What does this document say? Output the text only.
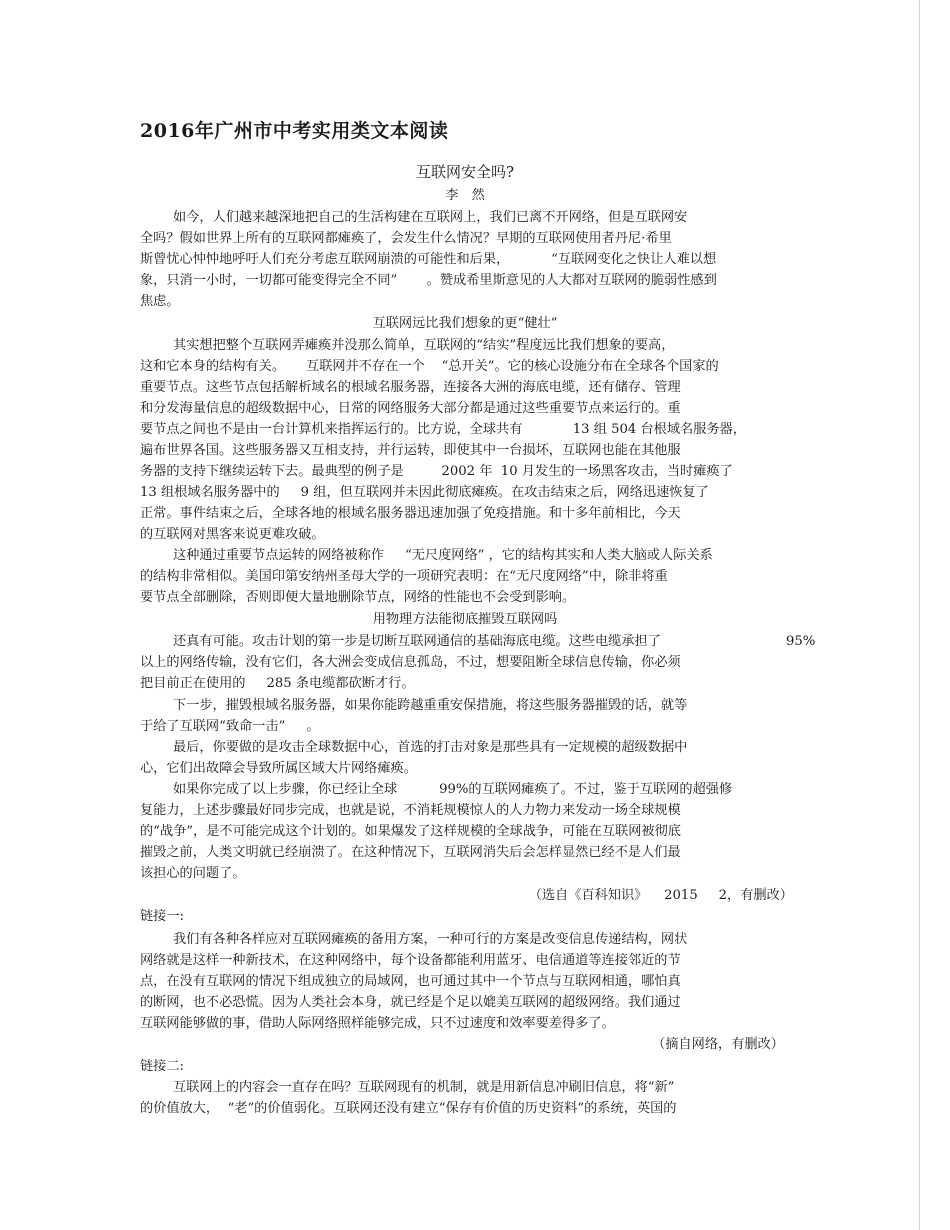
2016年广州市中考实用类文本阅读
互联网安全吗?
李　然
如今，人们越来越深地把自己的生活构建在互联网上，我们已离不开网络，但是互联网安
全吗？假如世界上所有的互联网都瘫痪了，会发生什么情况？早期的互联网使用者丹尼·希里
斯曾忧心忡忡地呼吁人们充分考虑互联网崩溃的可能性和后果，          “互联网变化之快让人难以想
象，只消一小时，一切都可能变得完全不同”       。赞成希里斯意见的人大都对互联网的脆弱性感到
焦虑。
互联网远比我们想象的更“健壮”
其实想把整个互联网弄瘫痪并没那么简单，互联网的“结实”程度远比我们想象的要高，
这和它本身的结构有关。     互联网并不存在一个    “总开关”。它的核心设施分布在全球各个国家的
重要节点。这些节点包括解析域名的根域名服务器，连接各大洲的海底电缆，还有储存、管理
和分发海量信息的超级数据中心，日常的网络服务大部分都是通过这些重要节点来运行的。重
要节点之间也不是由一台计算机来指挥运行的。比方说，全球共有            13 组 504 台根域名服务器，
遍布世界各国。这些服务器又互相支持，并行运转，即使其中一台损坏，互联网也能在其他服
务器的支持下继续运转下去。最典型的例子是         2002 年  10 月发生的一场黑客攻击，当时瘫痪了
13 组根域名服务器中的     9 组，但互联网并未因此彻底瘫痪。在攻击结束之后，网络迅速恢复了
正常。事件结束之后，全球各地的根域名服务器迅速加强了免疫措施。和十多年前相比，今天
的互联网对黑客来说更难攻破。
这种通过重要节点运转的网络被称作     “无尺度网络” ，它的结构其实和人类大脑或人际关系
的结构非常相似。美国印第安纳州圣母大学的一项研究表明：在“无尺度网络”中，除非将重
要节点全部删除，否则即便大量地删除节点，网络的性能也不会受到影响。
用物理方法能彻底摧毁互联网吗
还真有可能。攻击计划的第一步是切断互联网通信的基础海底电缆。这些电缆承担了	95%
以上的网络传输，没有它们，各大洲会变成信息孤岛，不过，想要阻断全球信息传输，你必须
把目前正在使用的     285 条电缆都砍断才行。
下一步，摧毁根域名服务器，如果你能跨越重重安保措施，将这些服务器摧毁的话，就等
于给了互联网“致命一击”     。
最后，你要做的是攻击全球数据中心，首选的打击对象是那些具有一定规模的超级数据中
心，它们出故障会导致所属区域大片网络瘫痪。
如果你完成了以上步骤，你已经让全球          99%的互联网瘫痪了。不过，鉴于互联网的超强修
复能力，上述步骤最好同步完成，也就是说，不消耗规模惊人的人力物力来发动一场全球规模
的“战争”，是不可能完成这个计划的。如果爆发了这样规模的全球战争，可能在互联网被彻底
摧毁之前，人类文明就已经崩溃了。在这种情况下，互联网消失后会怎样显然已经不是人们最
该担心的问题了。
（选自《百科知识》    2015     2，有删改）
链接一:
我们有各种各样应对互联网瘫痪的备用方案，一种可行的方案是改变信息传递结构，网状
网络就是这样一种新技术，在这种网络中，每个设备都能利用蓝牙、电信通道等连接邻近的节
点，在没有互联网的情况下组成独立的局域网，也可通过其中一个节点与互联网相通，哪怕真
的断网，也不必恐慌。因为人类社会本身，就已经是个足以媲美互联网的超级网络。我们通过
互联网能够做的事，借助人际网络照样能够完成，只不过速度和效率要差得多了。
（摘自网络，有删改）
链接二:
互联网上的内容会一直存在吗？互联网现有的机制，就是用新信息冲刷旧信息，将“新”
的价值放大，  “老”的价值弱化。互联网还没有建立“保存有价值的历史资料”的系统，英国的
